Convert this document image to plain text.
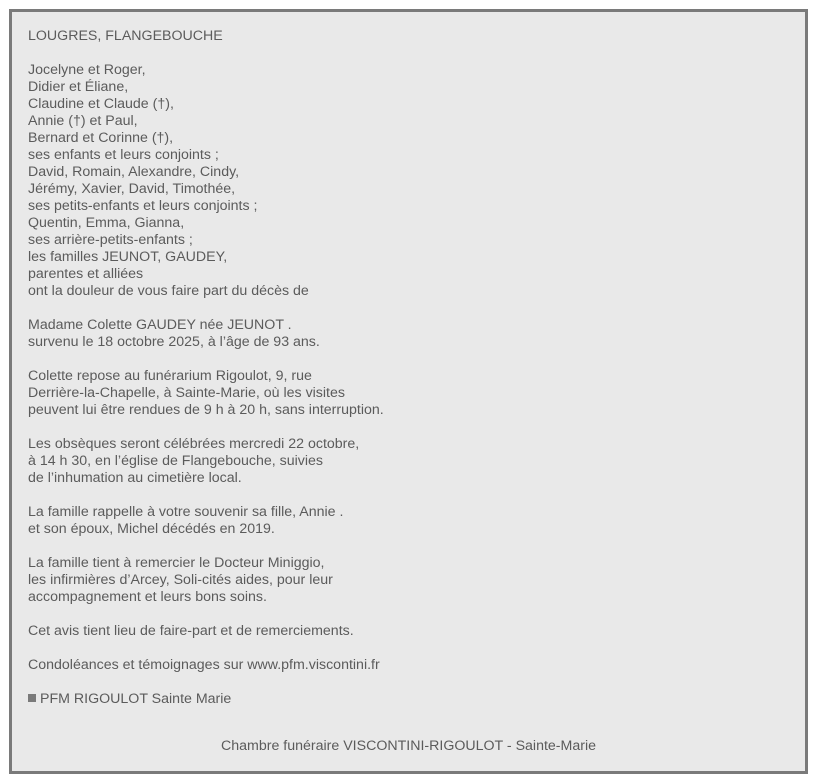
LOUGRES, FLANGEBOUCHE

Jocelyne et Roger,
Didier et Éliane,
Claudine et Claude (†),
Annie (†) et Paul,
Bernard et Corinne (†),
ses enfants et leurs conjoints ;
David, Romain, Alexandre, Cindy,
Jérémy, Xavier, David, Timothée,
ses petits-enfants et leurs conjoints ;
Quentin, Emma, Gianna,
ses arrière-petits-enfants ;
les familles JEUNOT, GAUDEY,
parentes et alliées
ont la douleur de vous faire part du décès de

Madame Colette GAUDEY née JEUNOT .
survenu le 18 octobre 2025, à l’âge de 93 ans.

Colette repose au funérarium Rigoulot, 9, rue
Derrière-la-Chapelle, à Sainte-Marie, où les visites
peuvent lui être rendues de 9 h à 20 h, sans interruption.

Les obsèques seront célébrées mercredi 22 octobre,
à 14 h 30, en l’église de Flangebouche, suivies
de l’inhumation au cimetière local.

La famille rappelle à votre souvenir sa fille, Annie .
et son époux, Michel décédés en 2019.

La famille tient à remercier le Docteur Miniggio,
les infirmières d’Arcey, Soli-cités aides, pour leur
accompagnement et leurs bons soins.

Cet avis tient lieu de faire-part et de remerciements.

Condoléances et témoignages sur www.pfm.viscontini.fr

PFM RIGOULOT Sainte Marie

Chambre funéraire VISCONTINI-RIGOULOT - Sainte-Marie
